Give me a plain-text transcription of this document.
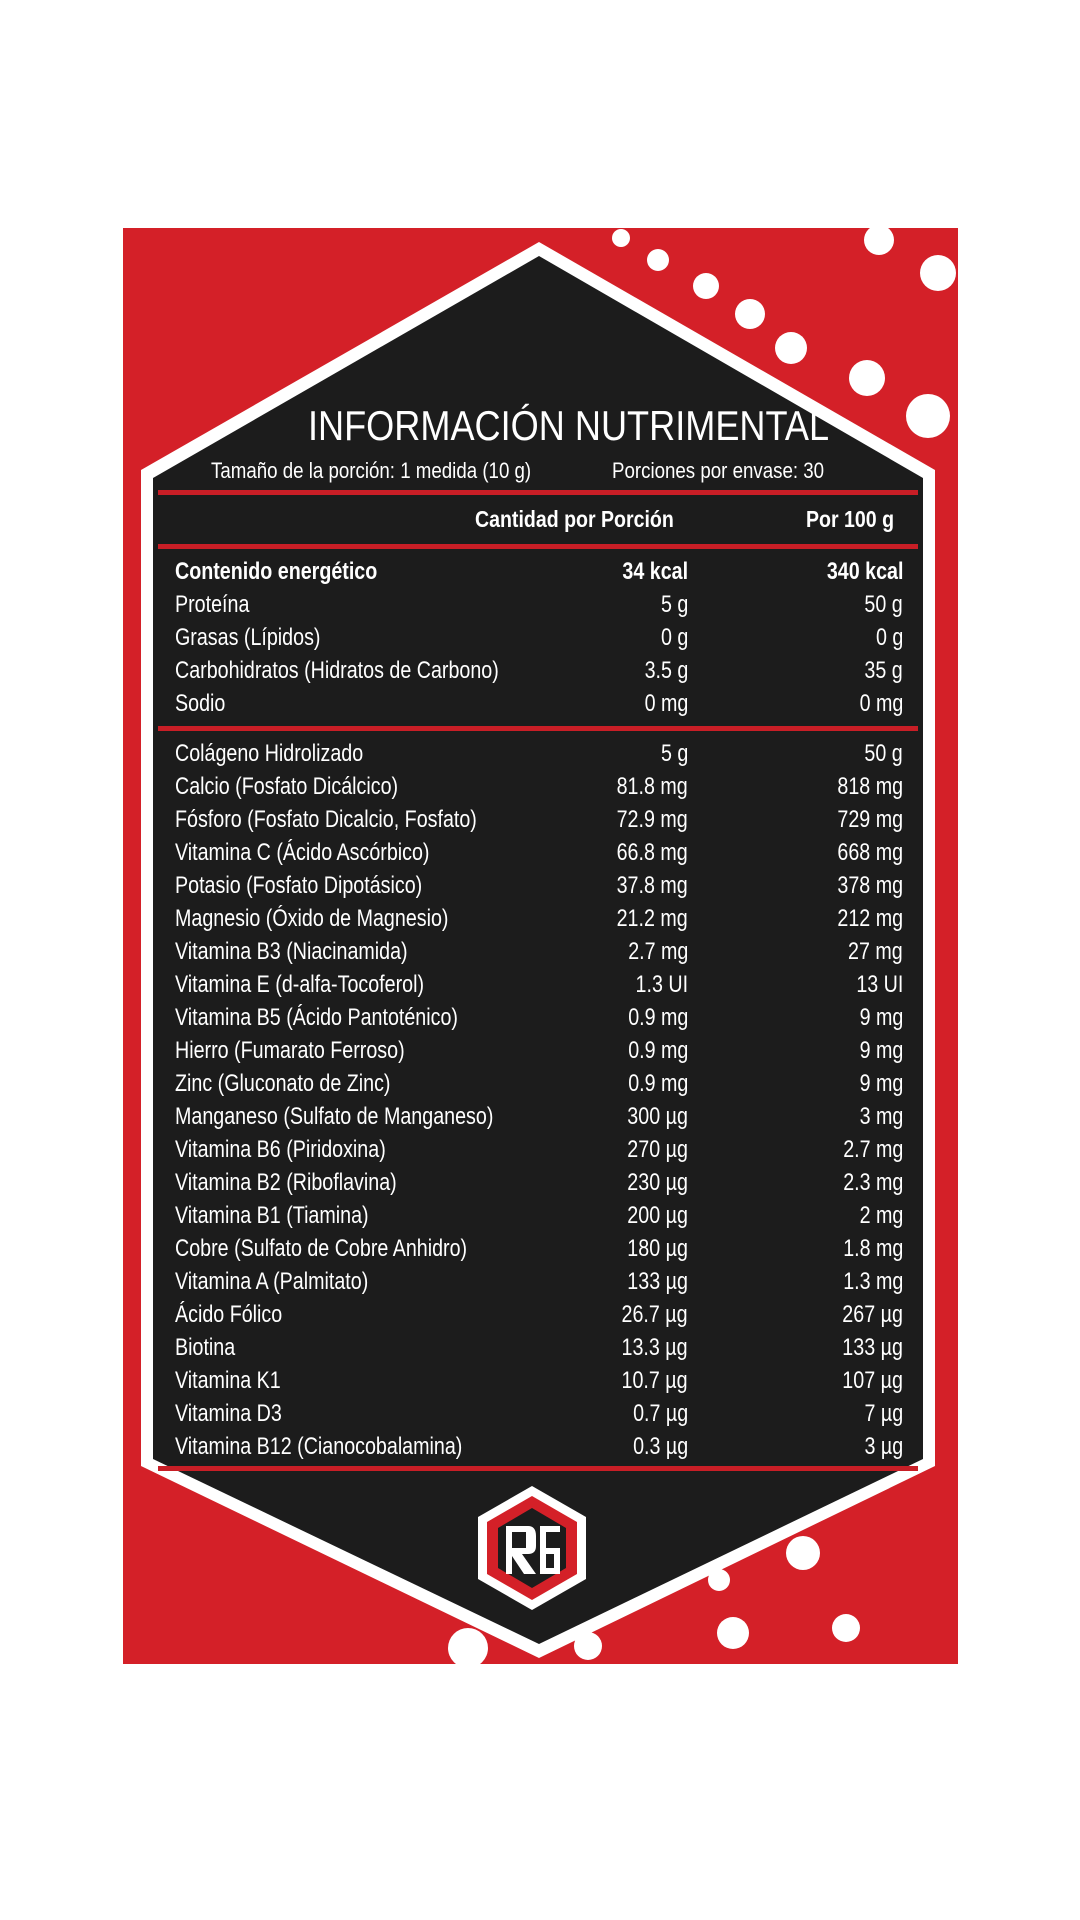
INFORMACIÓN NUTRIMENTAL
Tamaño de la porción: 1 medida (10 g)	Porciones por envase: 30
Cantidad por Porción	Por 100 g
Contenido energético	34 kcal	340 kcal
Proteína	5 g	50 g
Grasas (Lípidos)	0 g	0 g
Carbohidratos (Hidratos de Carbono)	3.5 g	35 g
Sodio	0 mg	0 mg
Colágeno Hidrolizado	5 g	50 g
Calcio (Fosfato Dicálcico)	81.8 mg	818 mg
Fósforo (Fosfato Dicalcio, Fosfato)	72.9 mg	729 mg
Vitamina C (Ácido Ascórbico)	66.8 mg	668 mg
Potasio (Fosfato Dipotásico)	37.8 mg	378 mg
Magnesio (Óxido de Magnesio)	21.2 mg	212 mg
Vitamina B3 (Niacinamida)	2.7 mg	27 mg
Vitamina E (d-alfa-Tocoferol)	1.3 UI	13 UI
Vitamina B5 (Ácido Pantoténico)	0.9 mg	9 mg
Hierro (Fumarato Ferroso)	0.9 mg	9 mg
Zinc (Gluconato de Zinc)	0.9 mg	9 mg
Manganeso (Sulfato de Manganeso)	300 µg	3 mg
Vitamina B6 (Piridoxina)	270 µg	2.7 mg
Vitamina B2 (Riboflavina)	230 µg	2.3 mg
Vitamina B1 (Tiamina)	200 µg	2 mg
Cobre (Sulfato de Cobre Anhidro)	180 µg	1.8 mg
Vitamina A (Palmitato)	133 µg	1.3 mg
Ácido Fólico	26.7 µg	267 µg
Biotina	13.3 µg	133 µg
Vitamina K1	10.7 µg	107 µg
Vitamina D3	0.7 µg	7 µg
Vitamina B12 (Cianocobalamina)	0.3 µg	3 µg
